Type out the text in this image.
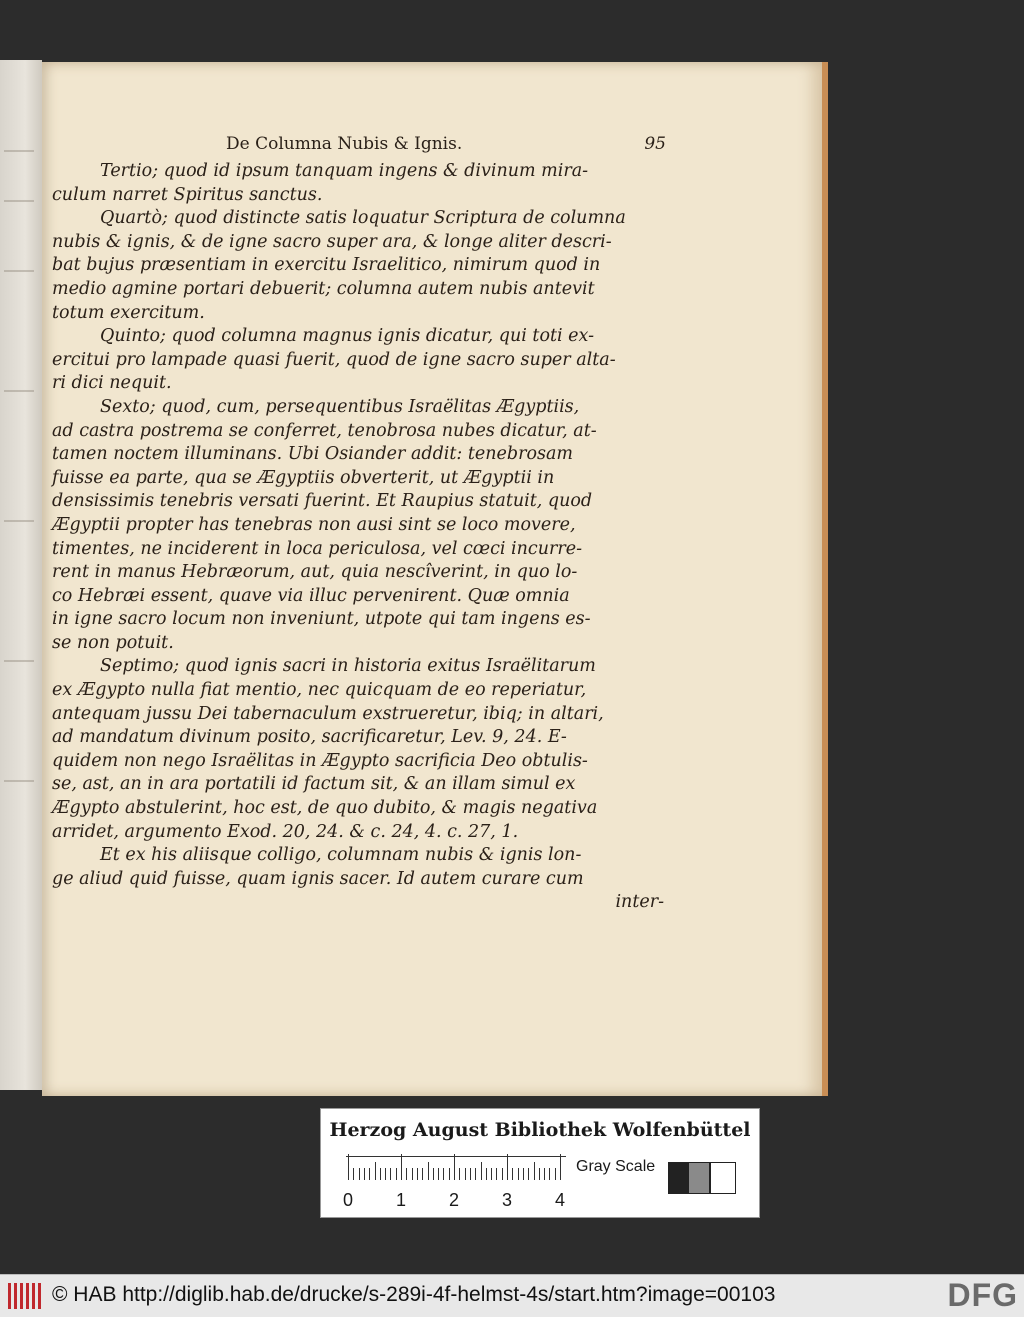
De Columna Nubis & Ignis.	95
Tertio; quod id ipsum tanquam ingens & divinum mira-
culum narret Spiritus sanctus.
Quartò; quod distincte satis loquatur Scriptura de columna
nubis & ignis, & de igne sacro super ara, & longe aliter descri-
bat bujus præsentiam in exercitu Israelitico, nimirum quod in
medio agmine portari debuerit; columna autem nubis antevit
totum exercitum.
Quinto; quod columna magnus ignis dicatur, qui toti ex-
ercitui pro lampade quasi fuerit, quod de igne sacro super alta-
ri dici nequit.
Sexto; quod, cum, persequentibus Israëlitas Ægyptiis,
ad castra postrema se conferret, tenobrosa nubes dicatur, at-
tamen noctem illuminans. Ubi Osiander addit: tenebrosam
fuisse ea parte, qua se Ægyptiis obverterit, ut Ægyptii in
densissimis tenebris versati fuerint. Et Raupius statuit, quod
Ægyptii propter has tenebras non ausi sint se loco movere,
timentes, ne inciderent in loca periculosa, vel cœci incurre-
rent in manus Hebræorum, aut, quia nescîverint, in quo lo-
co Hebræi essent, quave via illuc pervenirent. Quæ omnia
in igne sacro locum non inveniunt, utpote qui tam ingens es-
se non potuit.
Septimo; quod ignis sacri in historia exitus Israëlitarum
ex Ægypto nulla fiat mentio, nec quicquam de eo reperiatur,
antequam jussu Dei tabernaculum exstrueretur, ibiq; in altari,
ad mandatum divinum posito, sacrificaretur, Lev. 9, 24. E-
quidem non nego Israëlitas in Ægypto sacrificia Deo obtulis-
se, ast, an in ara portatili id factum sit, & an illam simul ex
Ægypto abstulerint, hoc est, de quo dubito, & magis negativa
arridet, argumento Exod. 20, 24. & c. 24, 4. c. 27, 1.
Et ex his aliisque colligo, columnam nubis & ignis lon-
ge aliud quid fuisse, quam ignis sacer. Id autem curare cum
inter-
Herzog August Bibliothek Wolfenbüttel
0 1 2 3 4
Gray Scale
© HAB http://diglib.hab.de/drucke/s-289i-4f-helmst-4s/start.htm?image=00103	DFG
